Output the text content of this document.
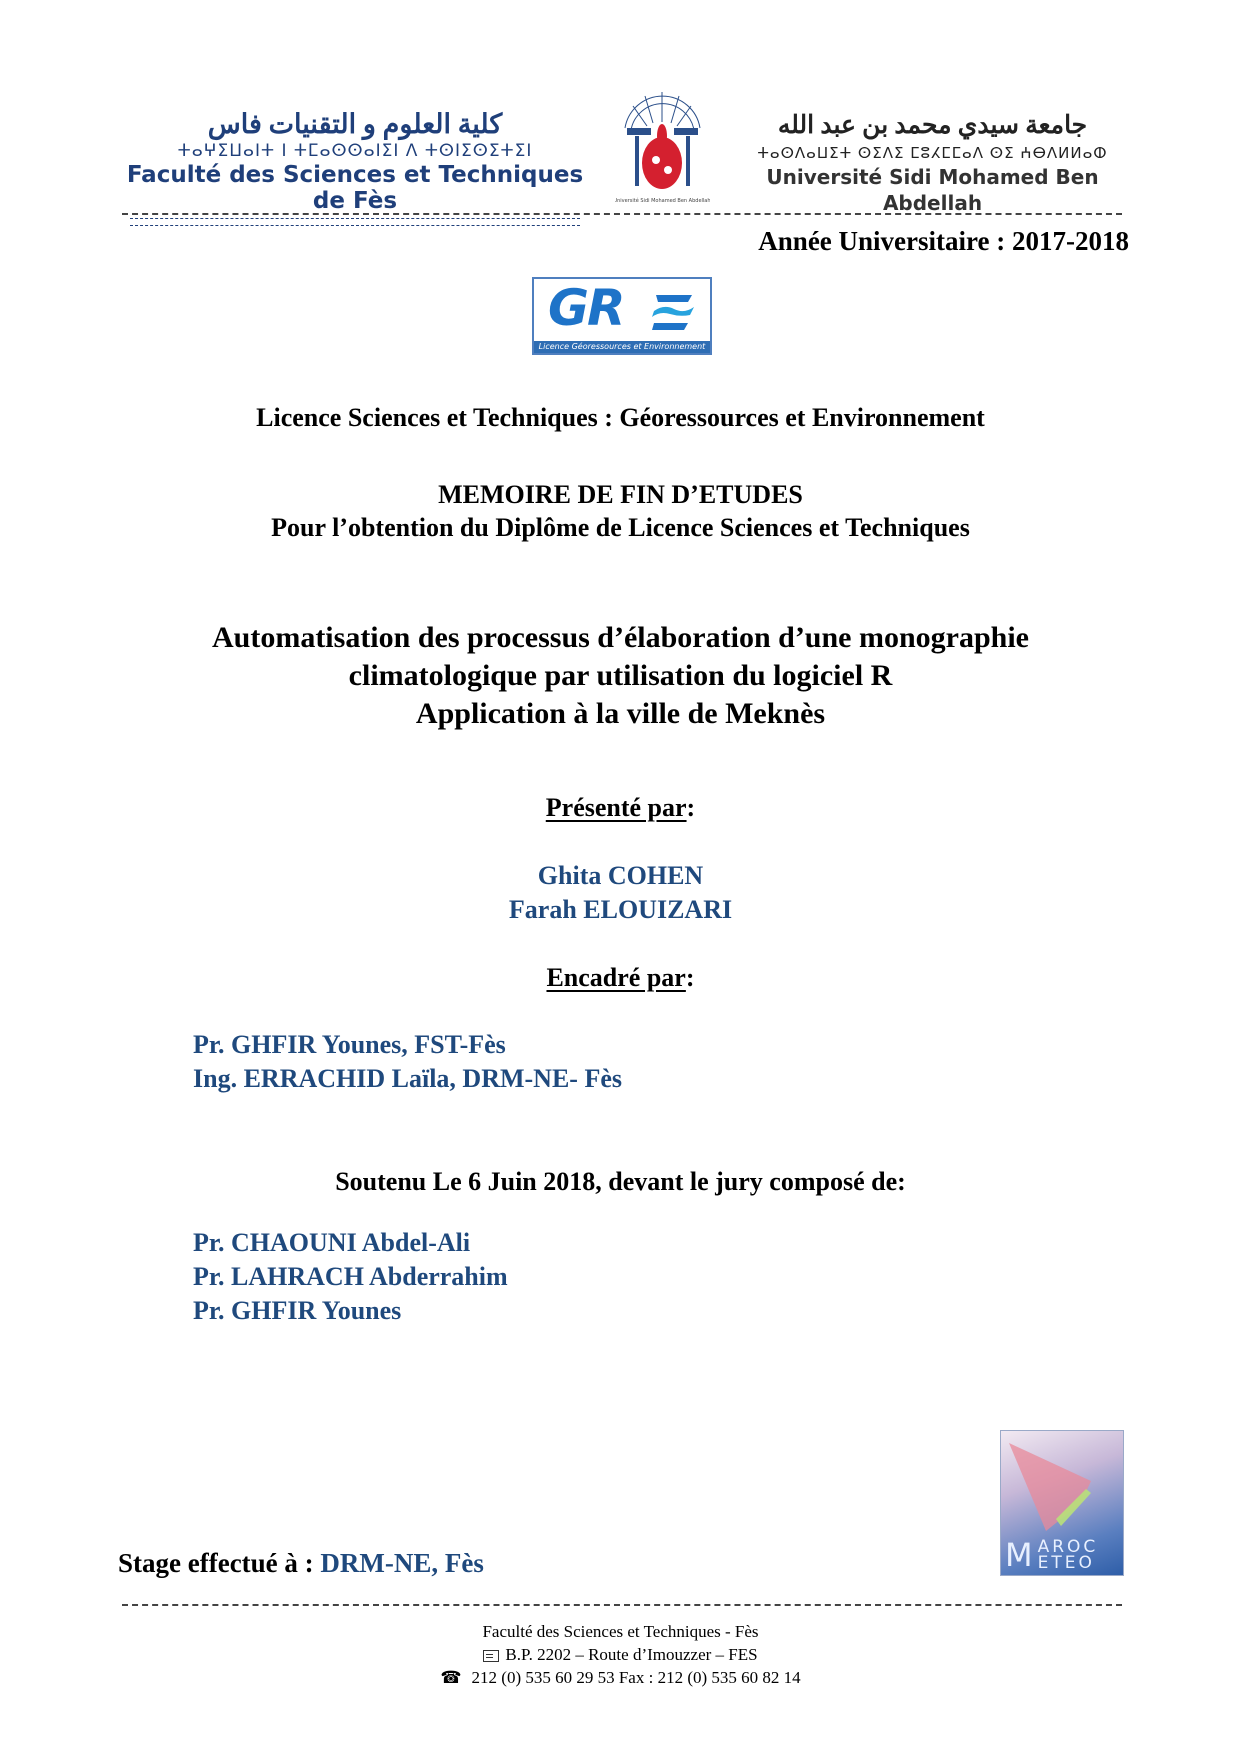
كلية العلوم و التقنيات فاس
ⵜⴰⵖⵉⵡⴰⵏⵜ ⵏ ⵜⵎⴰⵙⵙⴰⵏⵉⵏ ⴷ ⵜⵙⵏⵉⵙⵉⵜⵉⵏ
Faculté des Sciences et Techniques de Fès	Université Sidi Mohamed Ben Abdellah
جامعة سيدي محمد بن عبد الله
ⵜⴰⵙⴷⴰⵡⵉⵜ ⵙⵉⴷⵉ ⵎⵓⵃⵎⵎⴰⴷ ⵙⵉ ⵄⴱⴷⵍⵍⴰⵀ
Université Sidi Mohamed Ben Abdellah
Année Universitaire : 2017-2018
GR
Licence Géoressources et Environnement
Licence Sciences et Techniques : Géoressources et Environnement
MEMOIRE DE FIN D’ETUDES
Pour l’obtention du Diplôme de Licence Sciences et Techniques
Automatisation des processus d’élaboration d’une monographie
climatologique par utilisation du logiciel R
Application à la ville de Meknès
Présenté par:
Ghita COHEN
Farah ELOUIZARI
Encadré par:
Pr. GHFIR Younes, FST-Fès
Ing. ERRACHID Laïla, DRM-NE- Fès
Soutenu Le 6 Juin 2018, devant le jury composé de:
Pr. CHAOUNI Abdel-Ali
Pr. LAHRACH Abderrahim
Pr. GHFIR Younes
M AROC
ETEO
Stage effectué à : DRM-NE, Fès
Faculté des Sciences et Techniques - Fès
B.P. 2202 – Route d’Imouzzer – FES
☎ 212 (0) 535 60 29 53 Fax : 212 (0) 535 60 82 14
